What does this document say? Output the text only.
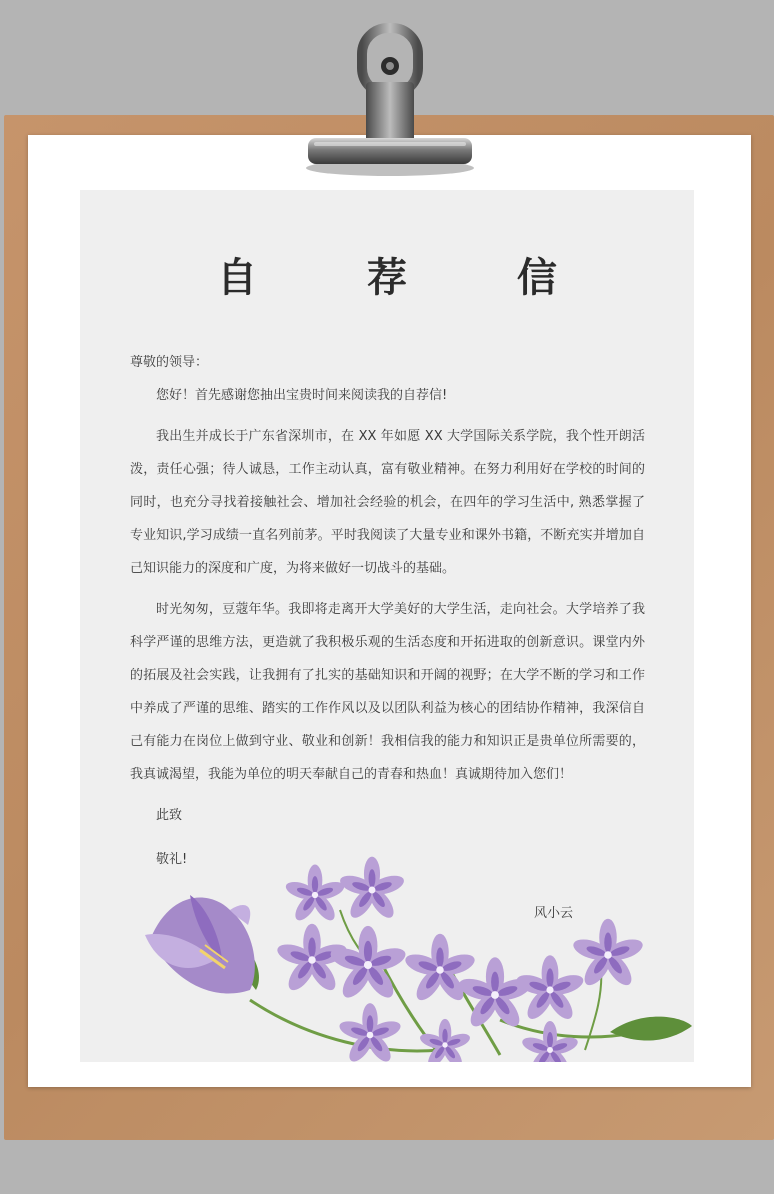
自 荐 信

尊敬的领导：

您好！首先感谢您抽出宝贵时间来阅读我的自荐信!

我出生并成长于广东省深圳市，在 XX 年如愿 XX 大学国际关系学院，我个性开朗活泼，责任心强；待人诚恳，工作主动认真，富有敬业精神。在努力利用好在学校的时间的同时，也充分寻找着接触社会、增加社会经验的机会，在四年的学习生活中, 熟悉掌握了专业知识,学习成绩一直名列前茅。平时我阅读了大量专业和课外书籍，不断充实并增加自己知识能力的深度和广度，为将来做好一切战斗的基础。

时光匆匆，豆蔻年华。我即将走离开大学美好的大学生活，走向社会。大学培养了我科学严谨的思维方法，更造就了我积极乐观的生活态度和开拓进取的创新意识。课堂内外的拓展及社会实践，让我拥有了扎实的基础知识和开阔的视野；在大学不断的学习和工作中养成了严谨的思维、踏实的工作作风以及以团队利益为核心的团结协作精神，我深信自己有能力在岗位上做到守业、敬业和创新！我相信我的能力和知识正是贵单位所需要的，我真诚渴望，我能为单位的明天奉献自己的青春和热血！真诚期待加入您们！

此致

敬礼!

风小云
